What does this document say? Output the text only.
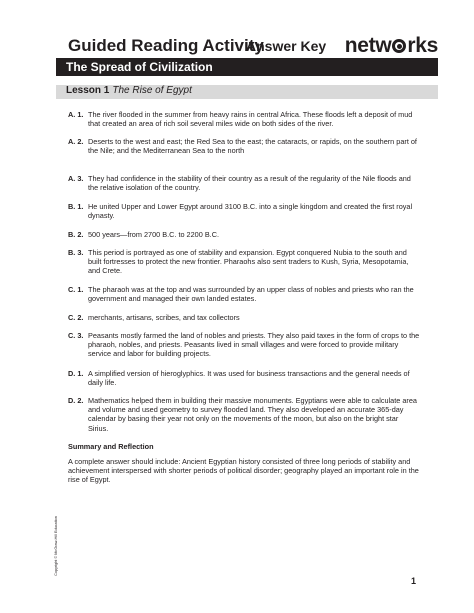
Guided Reading Activity
Answer Key netw rks
The Spread of Civilization
Lesson 1 The Rise of Egypt
A. 1. The river flooded in the summer from heavy rains in central Africa. These floods left a deposit of mud that created an area of rich soil several miles wide on both sides of the river.
A. 2. Deserts to the west and east; the Red Sea to the east; the cataracts, or rapids, on the southern part of the Nile; and the Mediterranean Sea to the north
A. 3. They had confidence in the stability of their country as a result of the regularity of the Nile floods and the relative isolation of the country.
B. 1. He united Upper and Lower Egypt around 3100 B.C. into a single kingdom and created the first royal dynasty.
B. 2. 500 years—from 2700 B.C. to 2200 B.C.
B. 3. This period is portrayed as one of stability and expansion. Egypt conquered Nubia to the south and built fortresses to protect the new frontier. Pharaohs also sent traders to Kush, Syria, Mesopotamia, and Crete.
C. 1. The pharaoh was at the top and was surrounded by an upper class of nobles and priests who ran the government and managed their own landed estates.
C. 2. merchants, artisans, scribes, and tax collectors
C. 3. Peasants mostly farmed the land of nobles and priests. They also paid taxes in the form of crops to the pharaoh, nobles, and priests. Peasants lived in small villages and were forced to provide military service and labor for building projects.
D. 1. A simplified version of hieroglyphics. It was used for business transactions and the general needs of daily life.
D. 2. Mathematics helped them in building their massive monuments. Egyptians were able to calculate area and volume and used geometry to survey flooded land. They also developed an accurate 365-day calendar by basing their year not only on the movements of the moon, but also on the bright star Sirius.
Summary and Reflection
A complete answer should include: Ancient Egyptian history consisted of three long periods of stability and achievement interspersed with shorter periods of political disorder; geography played an important role in the rise of Egypt.
Copyright © McGraw-Hill Education
1
